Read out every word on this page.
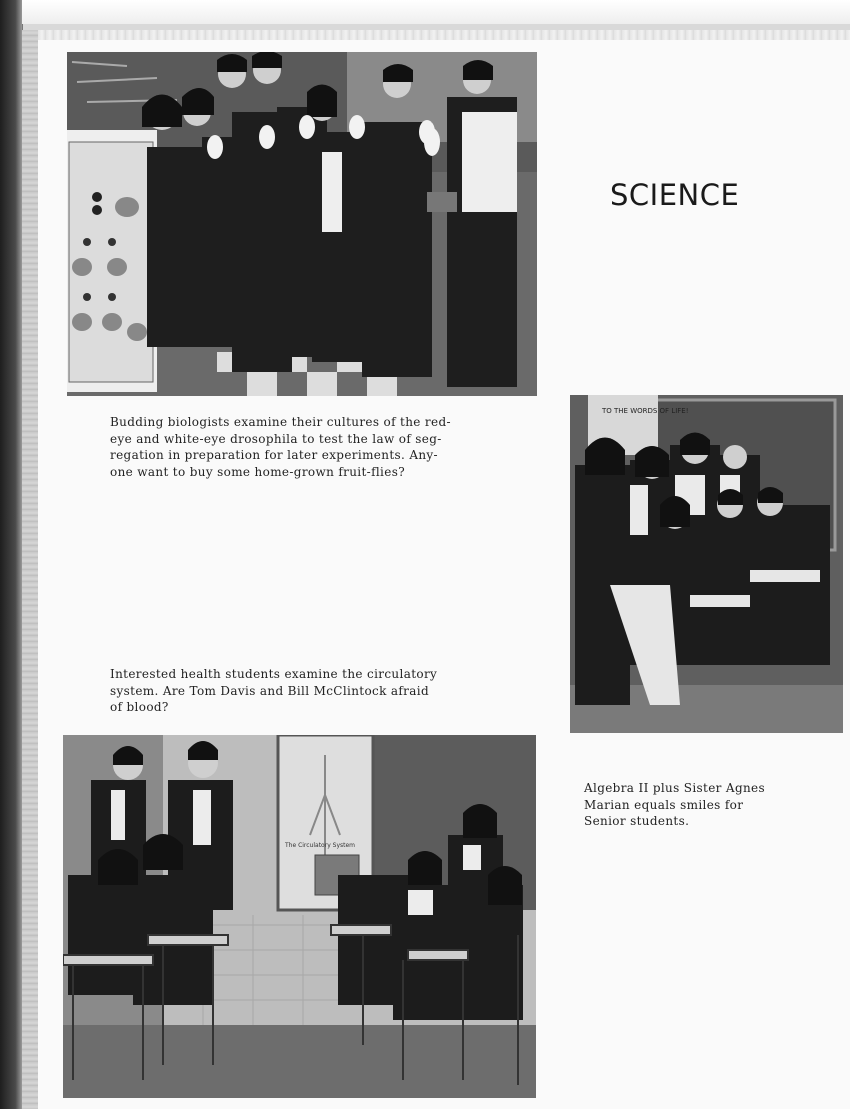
SCIENCE
Budding biologists examine their cultures of the red-
eye and white-eye drosophila to test the law of seg-
regation in preparation for later experiments. Any-
one want to buy some home-grown fruit-flies?
TO THE WORDS OF LIFE!
Interested health students examine the circulatory
system. Are Tom Davis and Bill McClintock afraid
of blood?
Algebra II plus Sister Agnes
Marian equals smiles for
Senior students.
The Circulatory System
